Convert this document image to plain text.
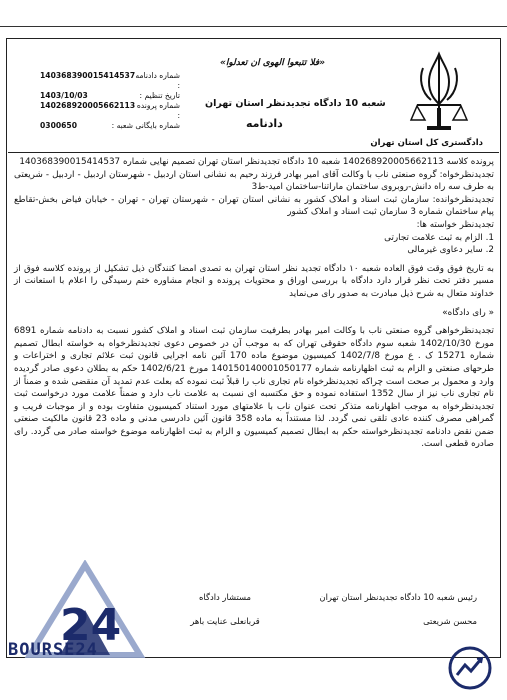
دادگستری کل استان تهران
«فلا تتبعوا الهوی ان تعدلوا»
شعبه 10 دادگاه تجدیدنظر استان تهران
دادنامه
شماره دادنامه :
140368390015414537
تاریخ تنظیم :
1403/10/03
شماره پرونده :
140268920005662113
شماره بایگانی شعبه :
0300650

پرونده کلاسه 140268920005662113 شعبه 10 دادگاه تجدیدنظر استان تهران تصمیم نهایی شماره 140368390015414537

تجدیدنظرخواه: گروه صنعتی ناب با وکالت آقای امیر بهادر فرزند رحیم به نشانی استان اردبیل - شهرستان اردبیل - اردبیل - شریعتی به طرف سه راه دانش-روبروی ساختمان ماراتنا-ساختمان امید-ط3

تجدیدنظرخوانده: سازمان ثبت اسناد و املاک کشور به نشانی استان تهران - شهرستان تهران - تهران - خیابان فیاض بخش-تقاطع پیام ساختمان شماره 3 سازمان ثبت اسناد و املاک کشور

تجدیدنظر خواسته ها:

1. الزام به ثبت علامت تجارتی

2. سایر دعاوی غیرمالی

به تاریخ فوق وقت فوق العاده شعبه ۱۰ دادگاه تجدید نظر استان تهران به تصدی امضا کنندگان ذیل تشکیل از پرونده کلاسه فوق از مسیر دفتر تحت نظر قرار دارد دادگاه با بررسی اوراق و محتویات پرونده و انجام مشاوره ختم رسیدگی را اعلام با استعانت از خداوند متعال به شرح ذیل مبادرت به صدور رای می‌نماید

« رای دادگاه»

تجدیدنظرخواهی گروه صنعتی ناب با وکالت امیر بهادر بطرفیت سازمان ثبت اسناد و املاک کشور نسبت به دادنامه شماره 6891 مورخ 1402/10/30 شعبه سوم دادگاه حقوقی تهران که به موجب آن در خصوص دعوی تجدیدنظرخواه به خواسته ابطال تصمیم شماره 15271 ک . ع مورخ 1402/7/8 کمیسیون موضوع ماده 170 آئین نامه اجرایی قانون ثبت علائم تجاری و اختراعات و طرحهای صنعتی و الزام به ثبت اظهارنامه شماره 140150140001050177 مورخ 1402/6/21 حکم به بطلان دعوی صادر گردیده وارد و محمول بر صحت است چراکه تجدیدنظرخواه نام تجاری ناب را قبلاً ثبت نموده که بعلت عدم تمدید آن منقضی شده و ضمناً از نام تجاری ناب نیز از سال 1352 استفاده نموده و حق مکتسبه ای نسبت به علامت ناب دارد و ضمناً علامت مورد درخواست ثبت تجدیدنظرخواه به موجب اظهارنامه متذکر تحت عنوان ناب با علامتهای مورد استناد کمیسیون متفاوت بوده و از موجبات فریب و گمراهی مصرف کننده عادی تلقی نمی گردد. لذا مستنداً به ماده 358 قانون آئین دادرسی مدنی و ماده 23 قانون مالکیت صنعتی ضمن نقض دادنامه تجدیدنظرخواسته حکم به ابطال تصمیم کمیسیون و الزام به ثبت اظهارنامه موضوع خواسته صادر می گردد. رای صادره قطعی است.

رئیس شعبه 10 دادگاه تجدیدنظر استان تهران
محسن شریعتی
مستشار دادگاه
قربانعلی عنایت باهر
24
BOURSE24
